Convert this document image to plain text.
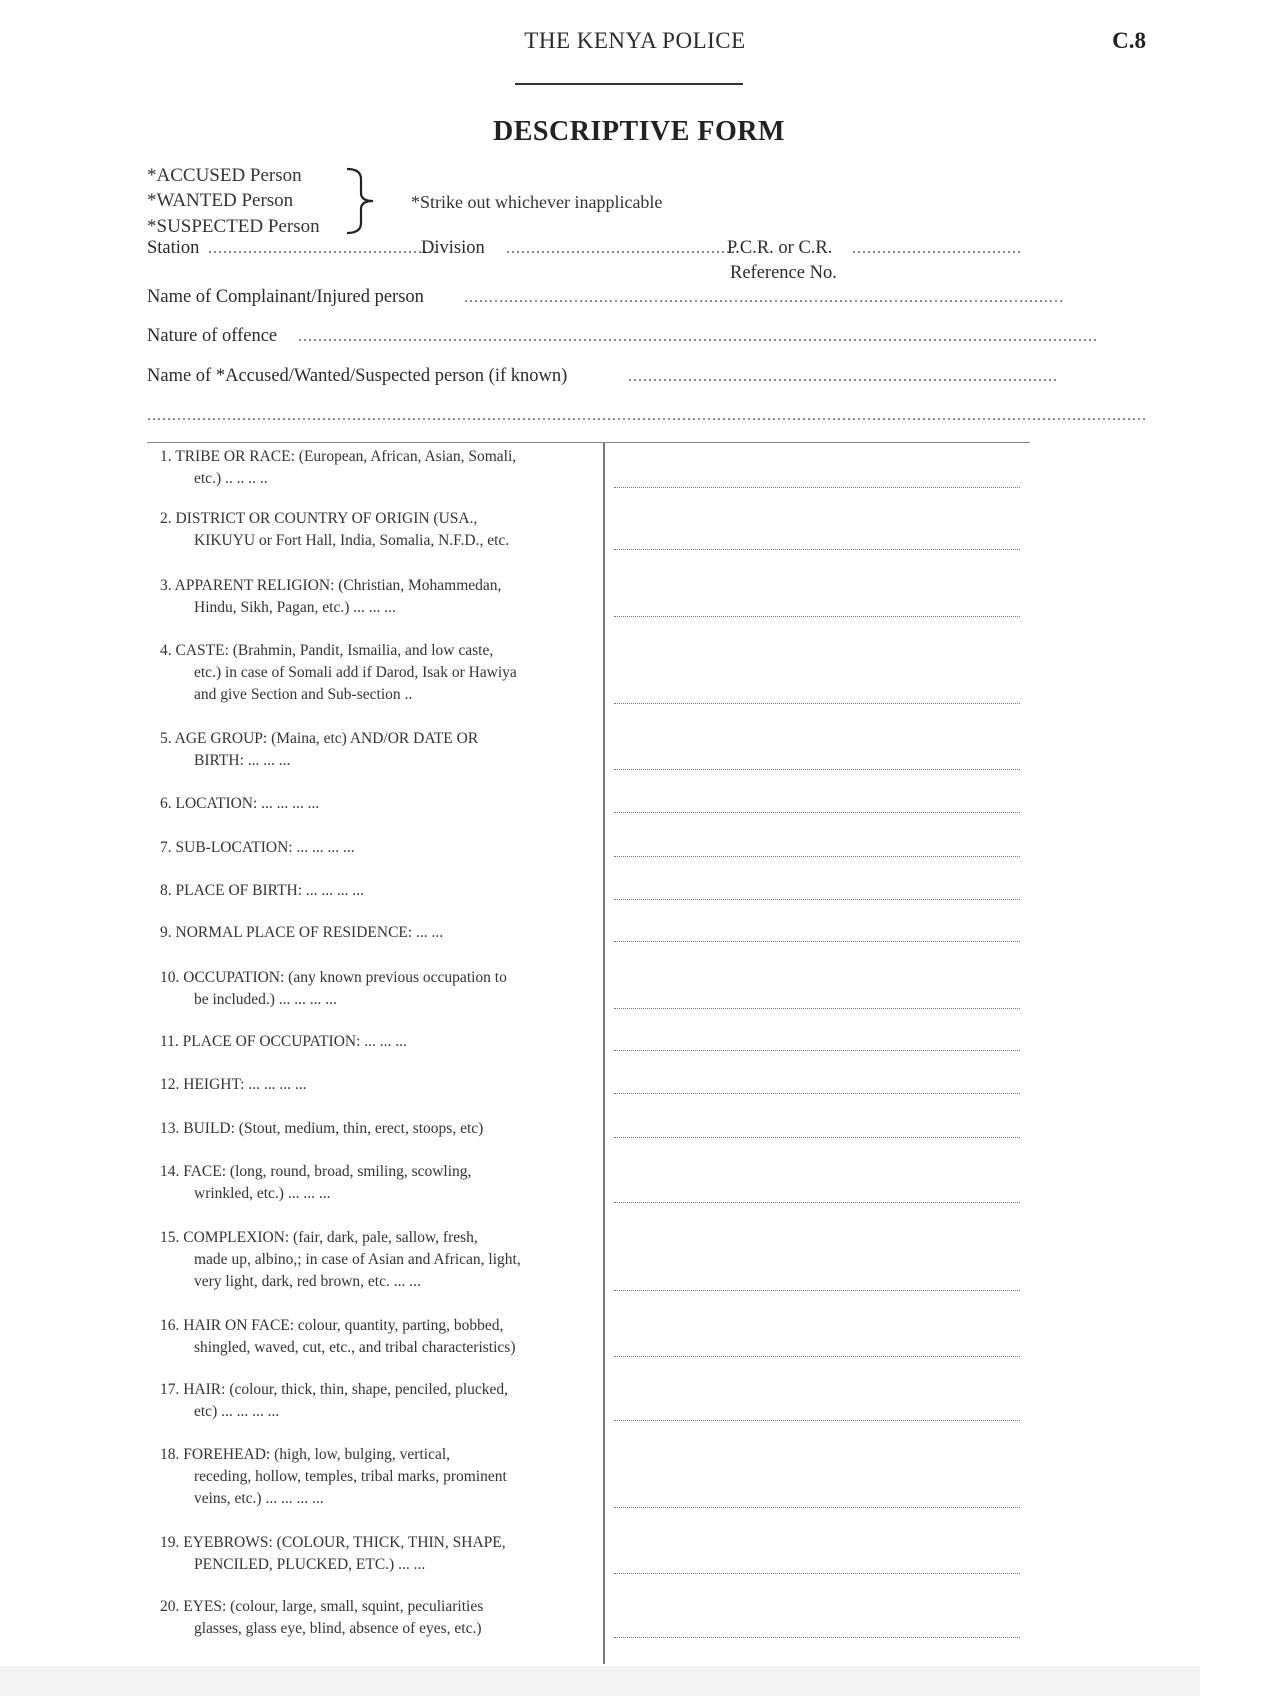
THE KENYA POLICE	C.8
DESCRIPTIVE FORM
*ACCUSED Person
*WANTED Person
*SUSPECTED Person
*Strike out whichever inapplicable
Station ..............................................
Division ..............................................
P.C.R. or C.R. ..................................
Reference No.
Name of Complainant/Injured person	........................................................................................................................
Nature of offence ................................................................................................................................................................
Name of *Accused/Wanted/Suspected person (if known)	......................................................................................
........................................................................................................................................................................................................
1. TRIBE OR RACE: (European, African, Asian, Somali,
etc.) .. .. .. ..
2. DISTRICT OR COUNTRY OF ORIGIN (USA.,
KIKUYU or Fort Hall, India, Somalia, N.F.D., etc.
3. APPARENT RELIGION: (Christian, Mohammedan,
Hindu, Sikh, Pagan, etc.) ... ... ...
4. CASTE: (Brahmin, Pandit, Ismailia, and low caste,
etc.) in case of Somali add if Darod, Isak or Hawiya
and give Section and Sub-section ..
5. AGE GROUP: (Maina, etc) AND/OR DATE OR
BIRTH: ... ... ...
6. LOCATION: ... ... ... ...
7. SUB-LOCATION: ... ... ... ...
8. PLACE OF BIRTH: ... ... ... ...
9. NORMAL PLACE OF RESIDENCE: ... ...
10. OCCUPATION: (any known previous occupation to
be included.) ... ... ... ...
11. PLACE OF OCCUPATION: ... ... ...
12. HEIGHT: ... ... ... ...
13. BUILD: (Stout, medium, thin, erect, stoops, etc)
14. FACE: (long, round, broad, smiling, scowling,
wrinkled, etc.) ... ... ...
15. COMPLEXION: (fair, dark, pale, sallow, fresh,
made up, albino,; in case of Asian and African, light,
very light, dark, red brown, etc. ... ...
16. HAIR ON FACE: colour, quantity, parting, bobbed,
shingled, waved, cut, etc., and tribal characteristics)
17. HAIR: (colour, thick, thin, shape, penciled, plucked,
etc) ... ... ... ...
18. FOREHEAD: (high, low, bulging, vertical,
receding, hollow, temples, tribal marks, prominent
veins, etc.) ... ... ... ...
19. EYEBROWS: (COLOUR, THICK, THIN, SHAPE,
PENCILED, PLUCKED, ETC.) ... ...
20. EYES: (colour, large, small, squint, peculiarities
glasses, glass eye, blind, absence of eyes, etc.)
